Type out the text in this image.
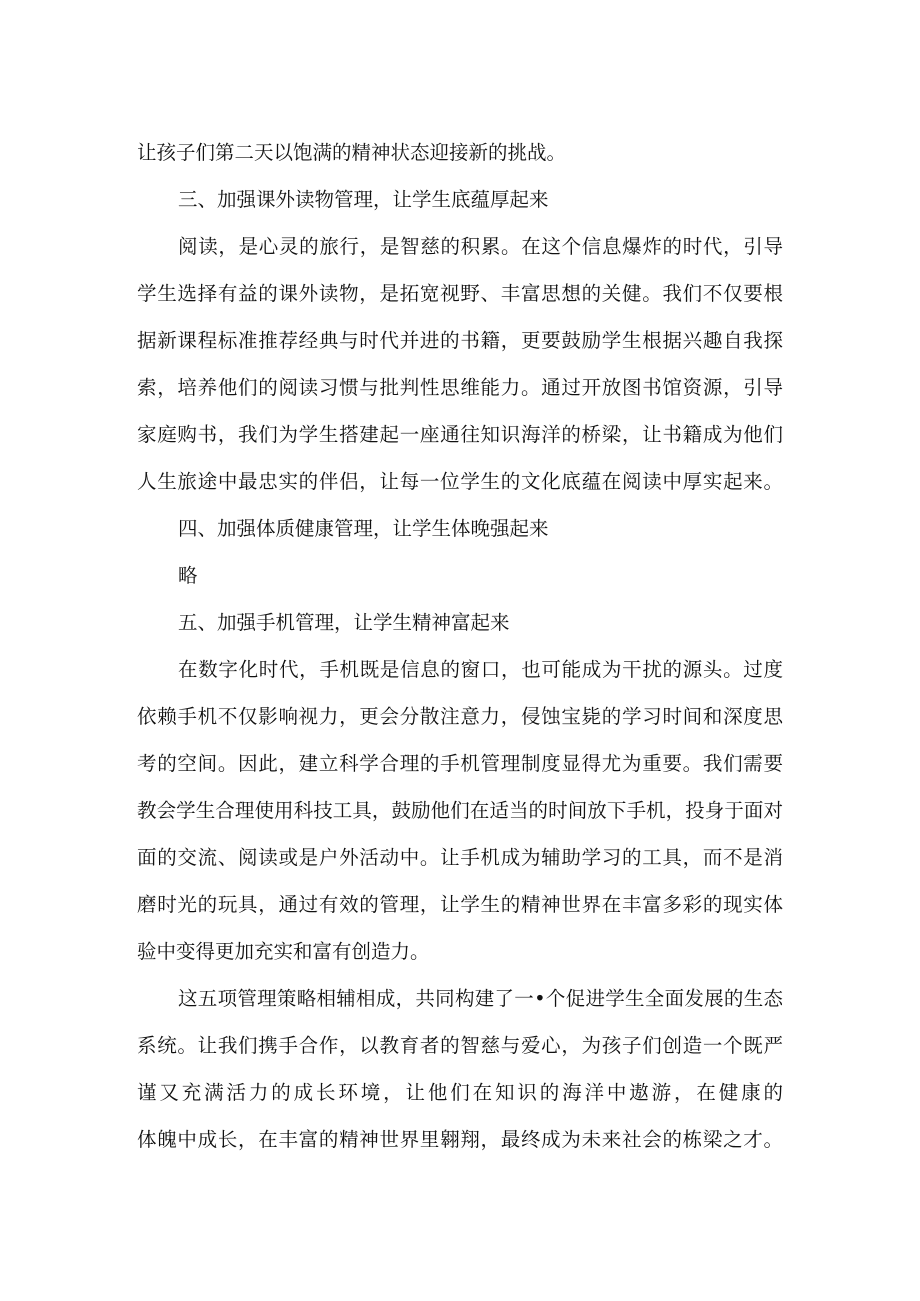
让孩子们第二天以饱满的精神状态迎接新的挑战。
三、加强课外读物管理，让学生底蕴厚起来
阅读，是心灵的旅行，是智慈的积累。在这个信息爆炸的时代，引导
学生选择有益的课外读物，是拓宽视野、丰富思想的关健。我们不仅要根
据新课程标准推荐经典与时代并进的书籍，更要鼓励学生根据兴趣自我探
索，培养他们的阅读习惯与批判性思维能力。通过开放图书馆资源，引导
家庭购书，我们为学生搭建起一座通往知识海洋的桥梁，让书籍成为他们
人生旅途中最忠实的伴侣，让每一位学生的文化底蕴在阅读中厚实起来。
四、加强体质健康管理，让学生体晚强起来
略
五、加强手机管理，让学生精神富起来
在数字化时代，手机既是信息的窗口，也可能成为干扰的源头。过度
依赖手机不仅影响视力，更会分散注意力，侵蚀宝毙的学习时间和深度思
考的空间。因此，建立科学合理的手机管理制度显得尤为重要。我们需要
教会学生合理使用科技工具，鼓励他们在适当的时间放下手机，投身于面对
面的交流、阅读或是户外活动中。让手机成为辅助学习的工具，而不是消
磨时光的玩具，通过有效的管理，让学生的精神世界在丰富多彩的现实体
验中变得更加充实和富有创造力。
这五项管理策略相辅相成，共同构建了一•个促进学生全面发展的生态
系统。让我们携手合作，以教育者的智慈与爱心，为孩子们创造一个既严
谨又充满活力的成长环境，让他们在知识的海洋中遨游，在健康的
体魄中成长，在丰富的精神世界里翱翔，最终成为未来社会的栋梁之才。
